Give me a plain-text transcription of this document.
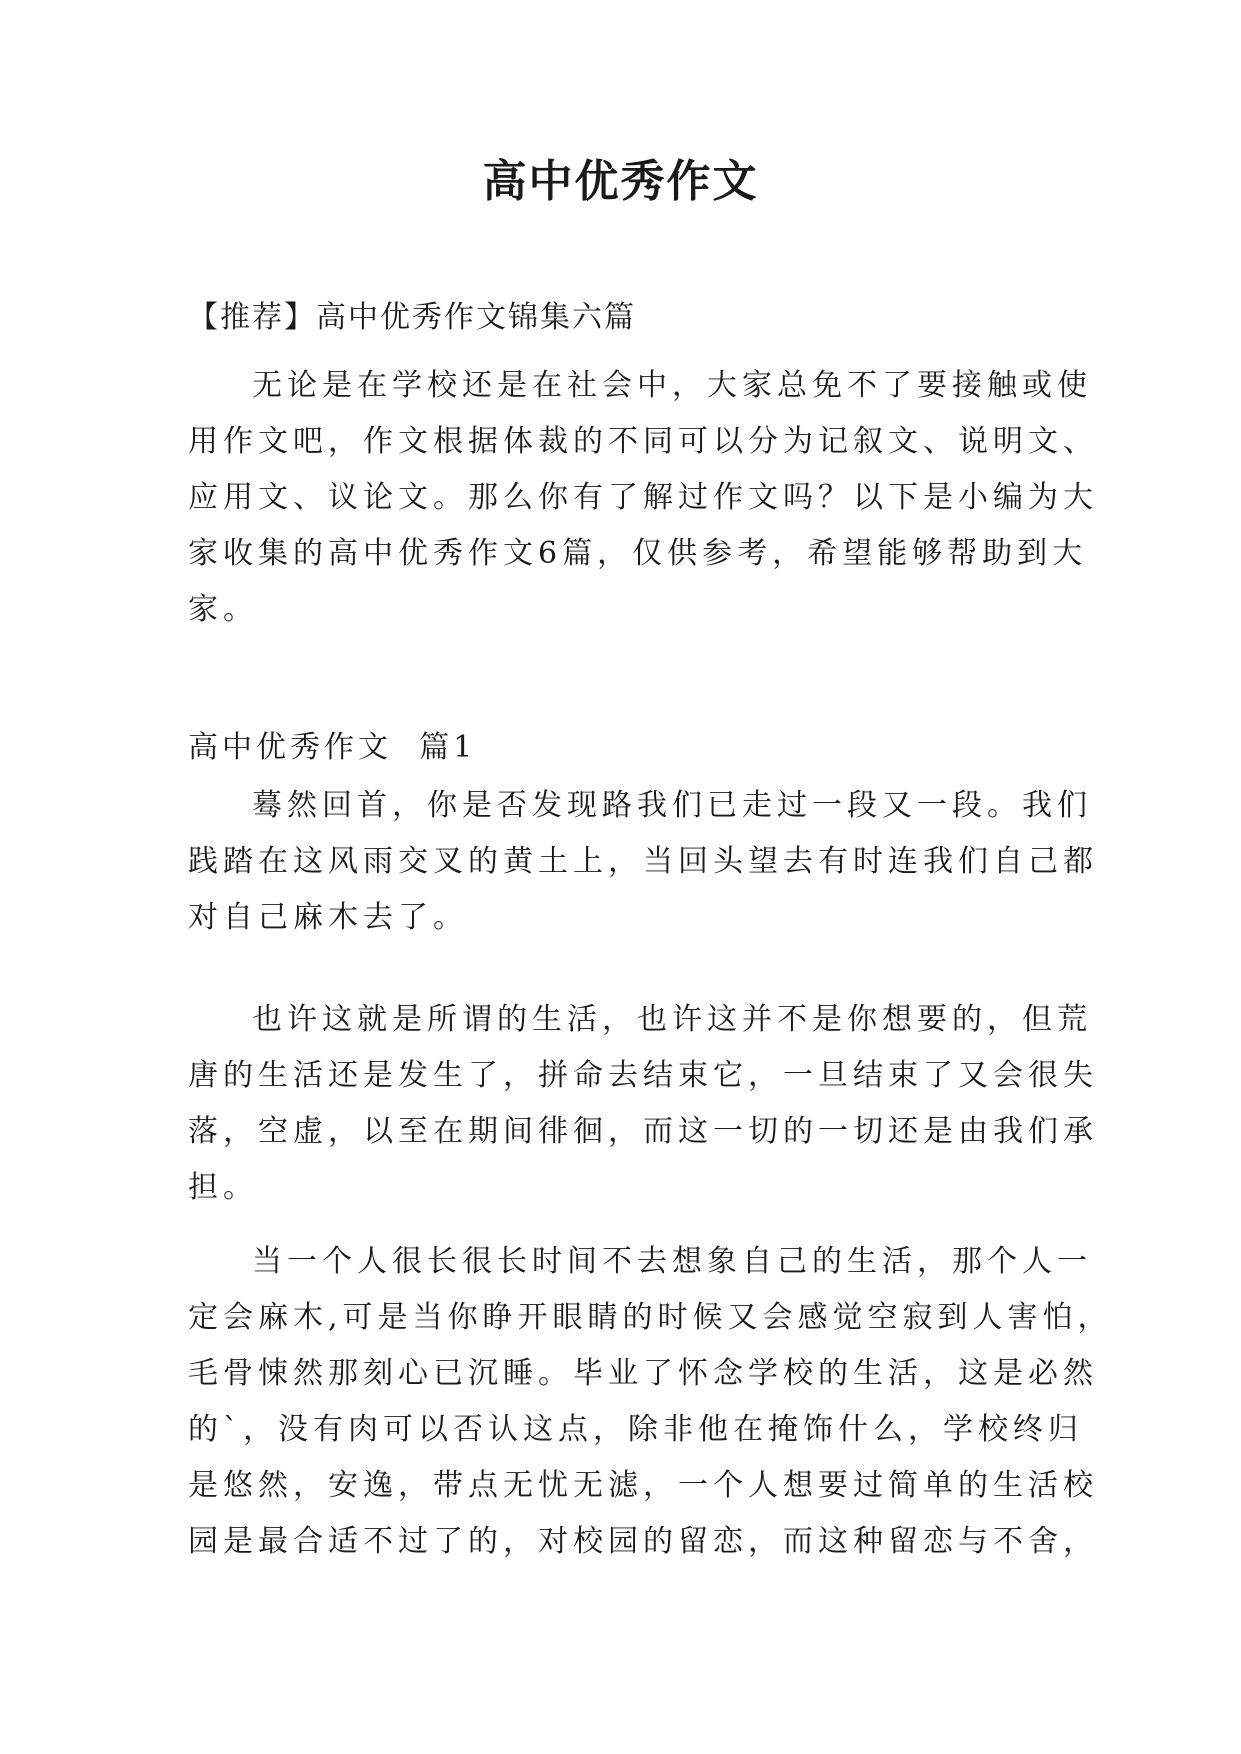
高中优秀作文
【推荐】高中优秀作文锦集六篇
无论是在学校还是在社会中，大家总免不了要接触或使
用作文吧，作文根据体裁的不同可以分为记叙文、说明文、
应用文、议论文。那么你有了解过作文吗？以下是小编为大
家收集的高中优秀作文6篇，仅供参考，希望能够帮助到大
家。
高中优秀作文  篇1
蓦然回首，你是否发现路我们已走过一段又一段。我们
践踏在这风雨交叉的黄土上，当回头望去有时连我们自己都
对自己麻木去了。
也许这就是所谓的生活，也许这并不是你想要的，但荒
唐的生活还是发生了，拼命去结束它，一旦结束了又会很失
落，空虚，以至在期间徘徊，而这一切的一切还是由我们承
担。
当一个人很长很长时间不去想象自己的生活，那个人一
定会麻木,可是当你睁开眼睛的时候又会感觉空寂到人害怕，
毛骨悚然那刻心已沉睡。毕业了怀念学校的生活，这是必然
的`，没有肉可以否认这点，除非他在掩饰什么，学校终归
是悠然，安逸，带点无忧无滤，一个人想要过简单的生活校
园是最合适不过了的，对校园的留恋，而这种留恋与不舍，
